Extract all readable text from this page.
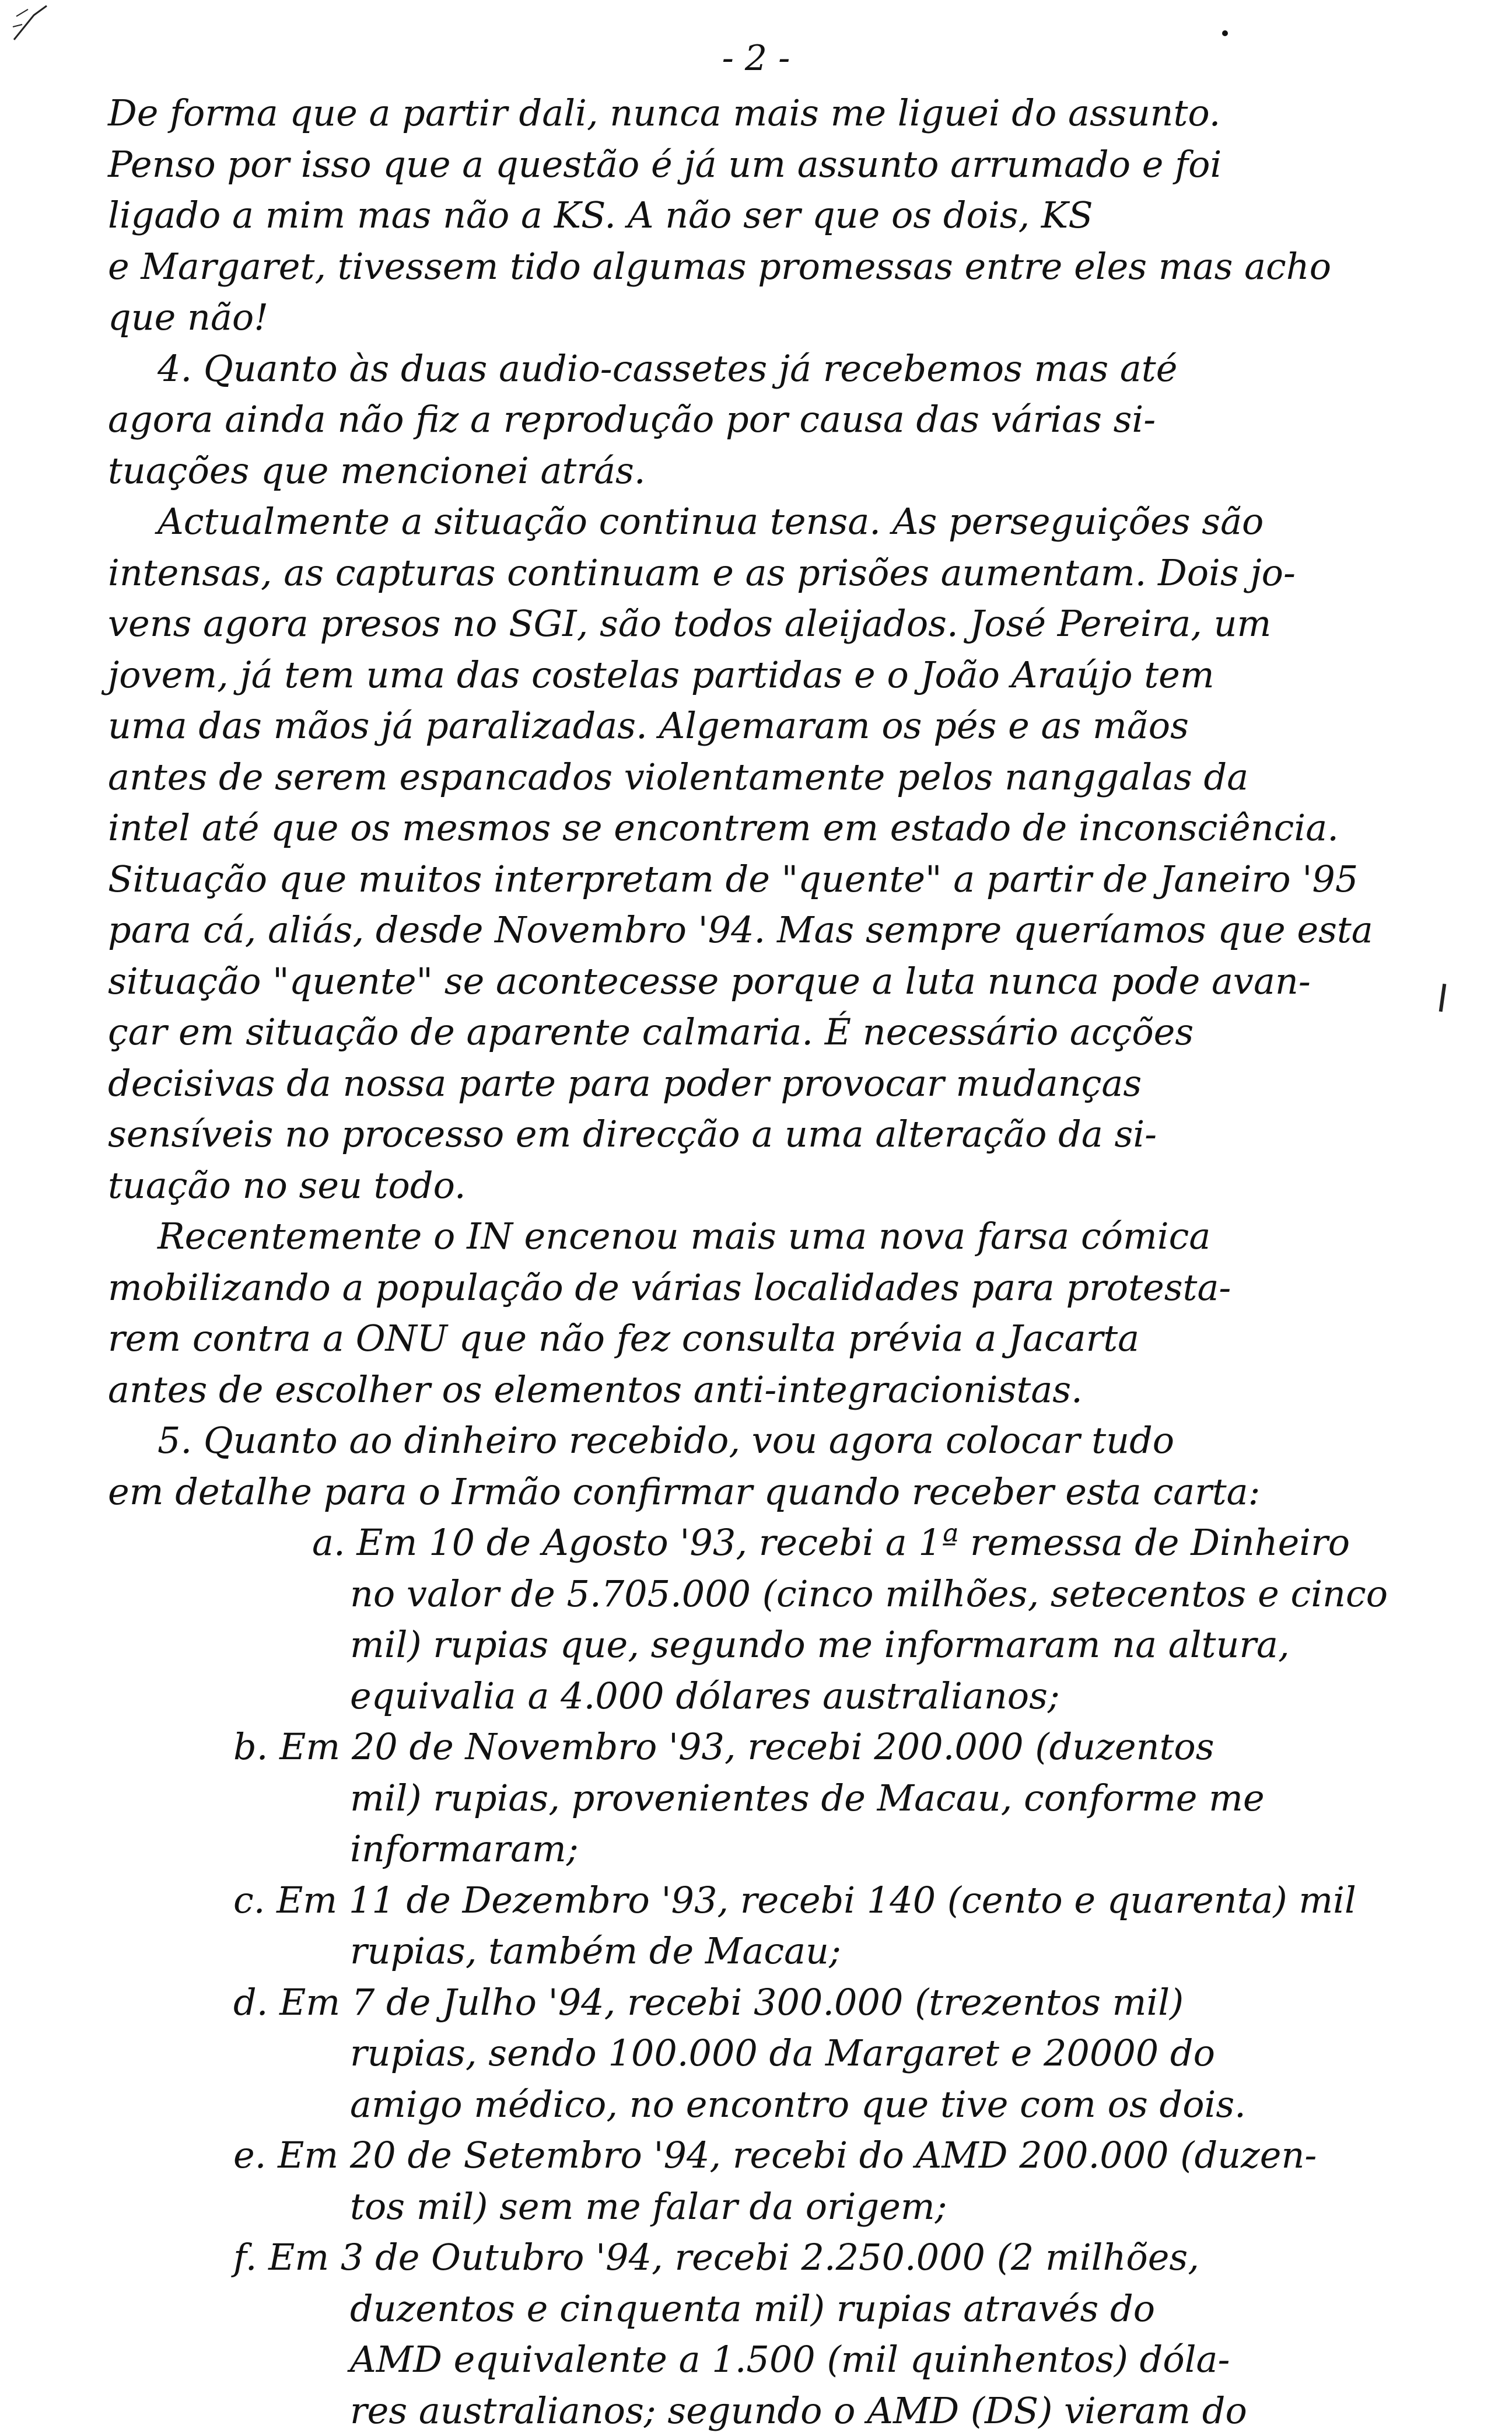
- 2 -
De forma que a partir dali, nunca mais me liguei do assunto.
Penso por isso que a questão é já um assunto arrumado e foi
ligado a mim mas não a KS. A não ser que os dois, KS
e Margaret, tivessem tido algumas promessas entre eles mas acho
que não!
4. Quanto às duas audio-cassetes já recebemos mas até
agora ainda não fiz a reprodução por causa das várias si-
tuações que mencionei atrás.
Actualmente a situação continua tensa. As perseguições são
intensas, as capturas continuam e as prisões aumentam. Dois jo-
vens agora presos no SGI, são todos aleijados. José Pereira, um
jovem, já tem uma das costelas partidas e o João Araújo tem
uma das mãos já paralizadas. Algemaram os pés e as mãos
antes de serem espancados violentamente pelos nanggalas da
intel até que os mesmos se encontrem em estado de inconsciência.
Situação que muitos interpretam de "quente" a partir de Janeiro '95
para cá, aliás, desde Novembro '94. Mas sempre queríamos que esta
situação "quente" se acontecesse porque a luta nunca pode avan-
çar em situação de aparente calmaria. É necessário acções
decisivas da nossa parte para poder provocar mudanças
sensíveis no processo em direcção a uma alteração da si-
tuação no seu todo.
Recentemente o IN encenou mais uma nova farsa cómica
mobilizando a população de várias localidades para protesta-
rem contra a ONU que não fez consulta prévia a Jacarta
antes de escolher os elementos anti-integracionistas.
5. Quanto ao dinheiro recebido, vou agora colocar tudo
em detalhe para o Irmão confirmar quando receber esta carta:
a. Em 10 de Agosto '93, recebi a 1ª remessa de Dinheiro
no valor de 5.705.000 (cinco milhões, setecentos e cinco
mil) rupias que, segundo me informaram na altura,
equivalia a 4.000 dólares australianos;
b. Em 20 de Novembro '93, recebi 200.000 (duzentos
mil) rupias, provenientes de Macau, conforme me
informaram;
c. Em 11 de Dezembro '93, recebi 140 (cento e quarenta) mil
rupias, também de Macau;
d. Em 7 de Julho '94, recebi 300.000 (trezentos mil)
rupias, sendo 100.000 da Margaret e 20000 do
amigo médico, no encontro que tive com os dois.
e. Em 20 de Setembro '94, recebi do AMD 200.000 (duzen-
tos mil) sem me falar da origem;
f. Em 3 de Outubro '94, recebi 2.250.000 (2 milhões,
duzentos e cinquenta mil) rupias através do
AMD equivalente a 1.500 (mil quinhentos) dóla-
res australianos; segundo o AMD (DS) vieram do
